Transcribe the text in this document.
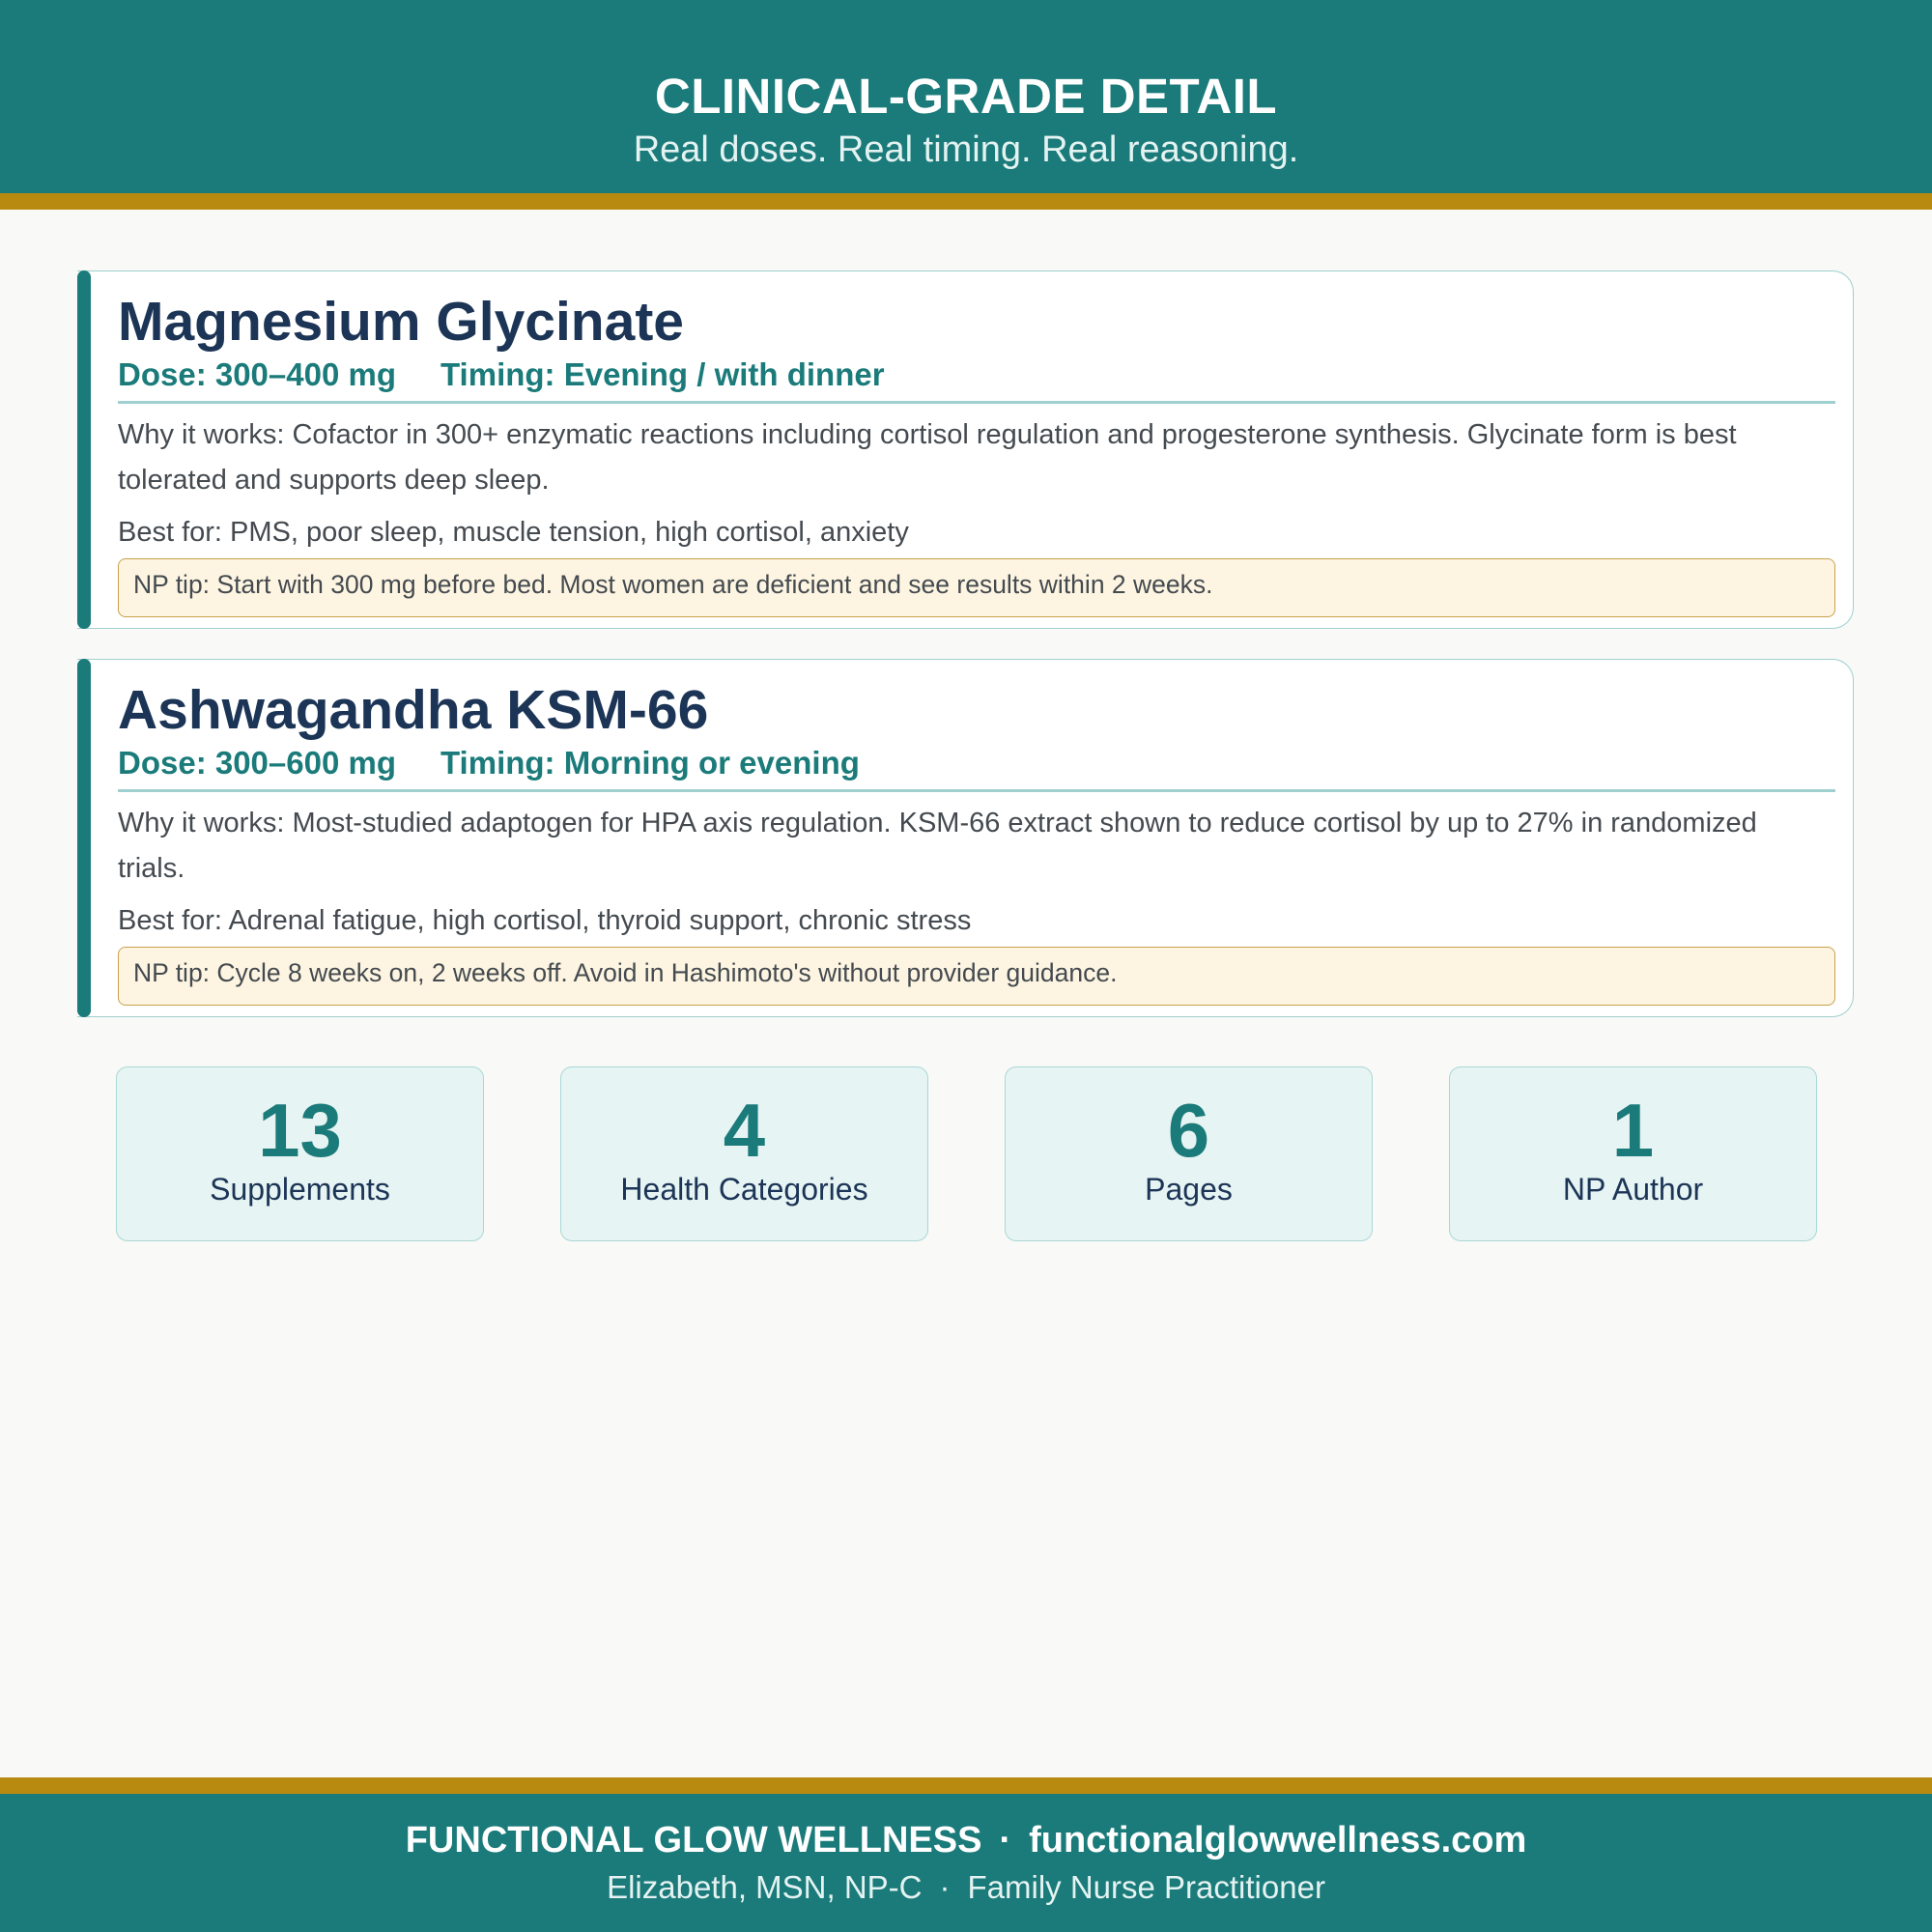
CLINICAL-GRADE DETAIL
Real doses. Real timing. Real reasoning.
Magnesium Glycinate
Dose: 300–400 mg Timing: Evening / with dinner
Why it works: Cofactor in 300+ enzymatic reactions including cortisol regulation and progesterone synthesis. Glycinate form is best tolerated and supports deep sleep.
Best for: PMS, poor sleep, muscle tension, high cortisol, anxiety
NP tip: Start with 300 mg before bed. Most women are deficient and see results within 2 weeks.
Ashwagandha KSM-66
Dose: 300–600 mg Timing: Morning or evening
Why it works: Most-studied adaptogen for HPA axis regulation. KSM-66 extract shown to reduce cortisol by up to 27% in randomized trials.
Best for: Adrenal fatigue, high cortisol, thyroid support, chronic stress
NP tip: Cycle 8 weeks on, 2 weeks off. Avoid in Hashimoto's without provider guidance.
13
Supplements
4
Health Categories
6
Pages
1
NP Author
FUNCTIONAL GLOW WELLNESS · functionalglowwellness.com
Elizabeth, MSN, NP-C · Family Nurse Practitioner
